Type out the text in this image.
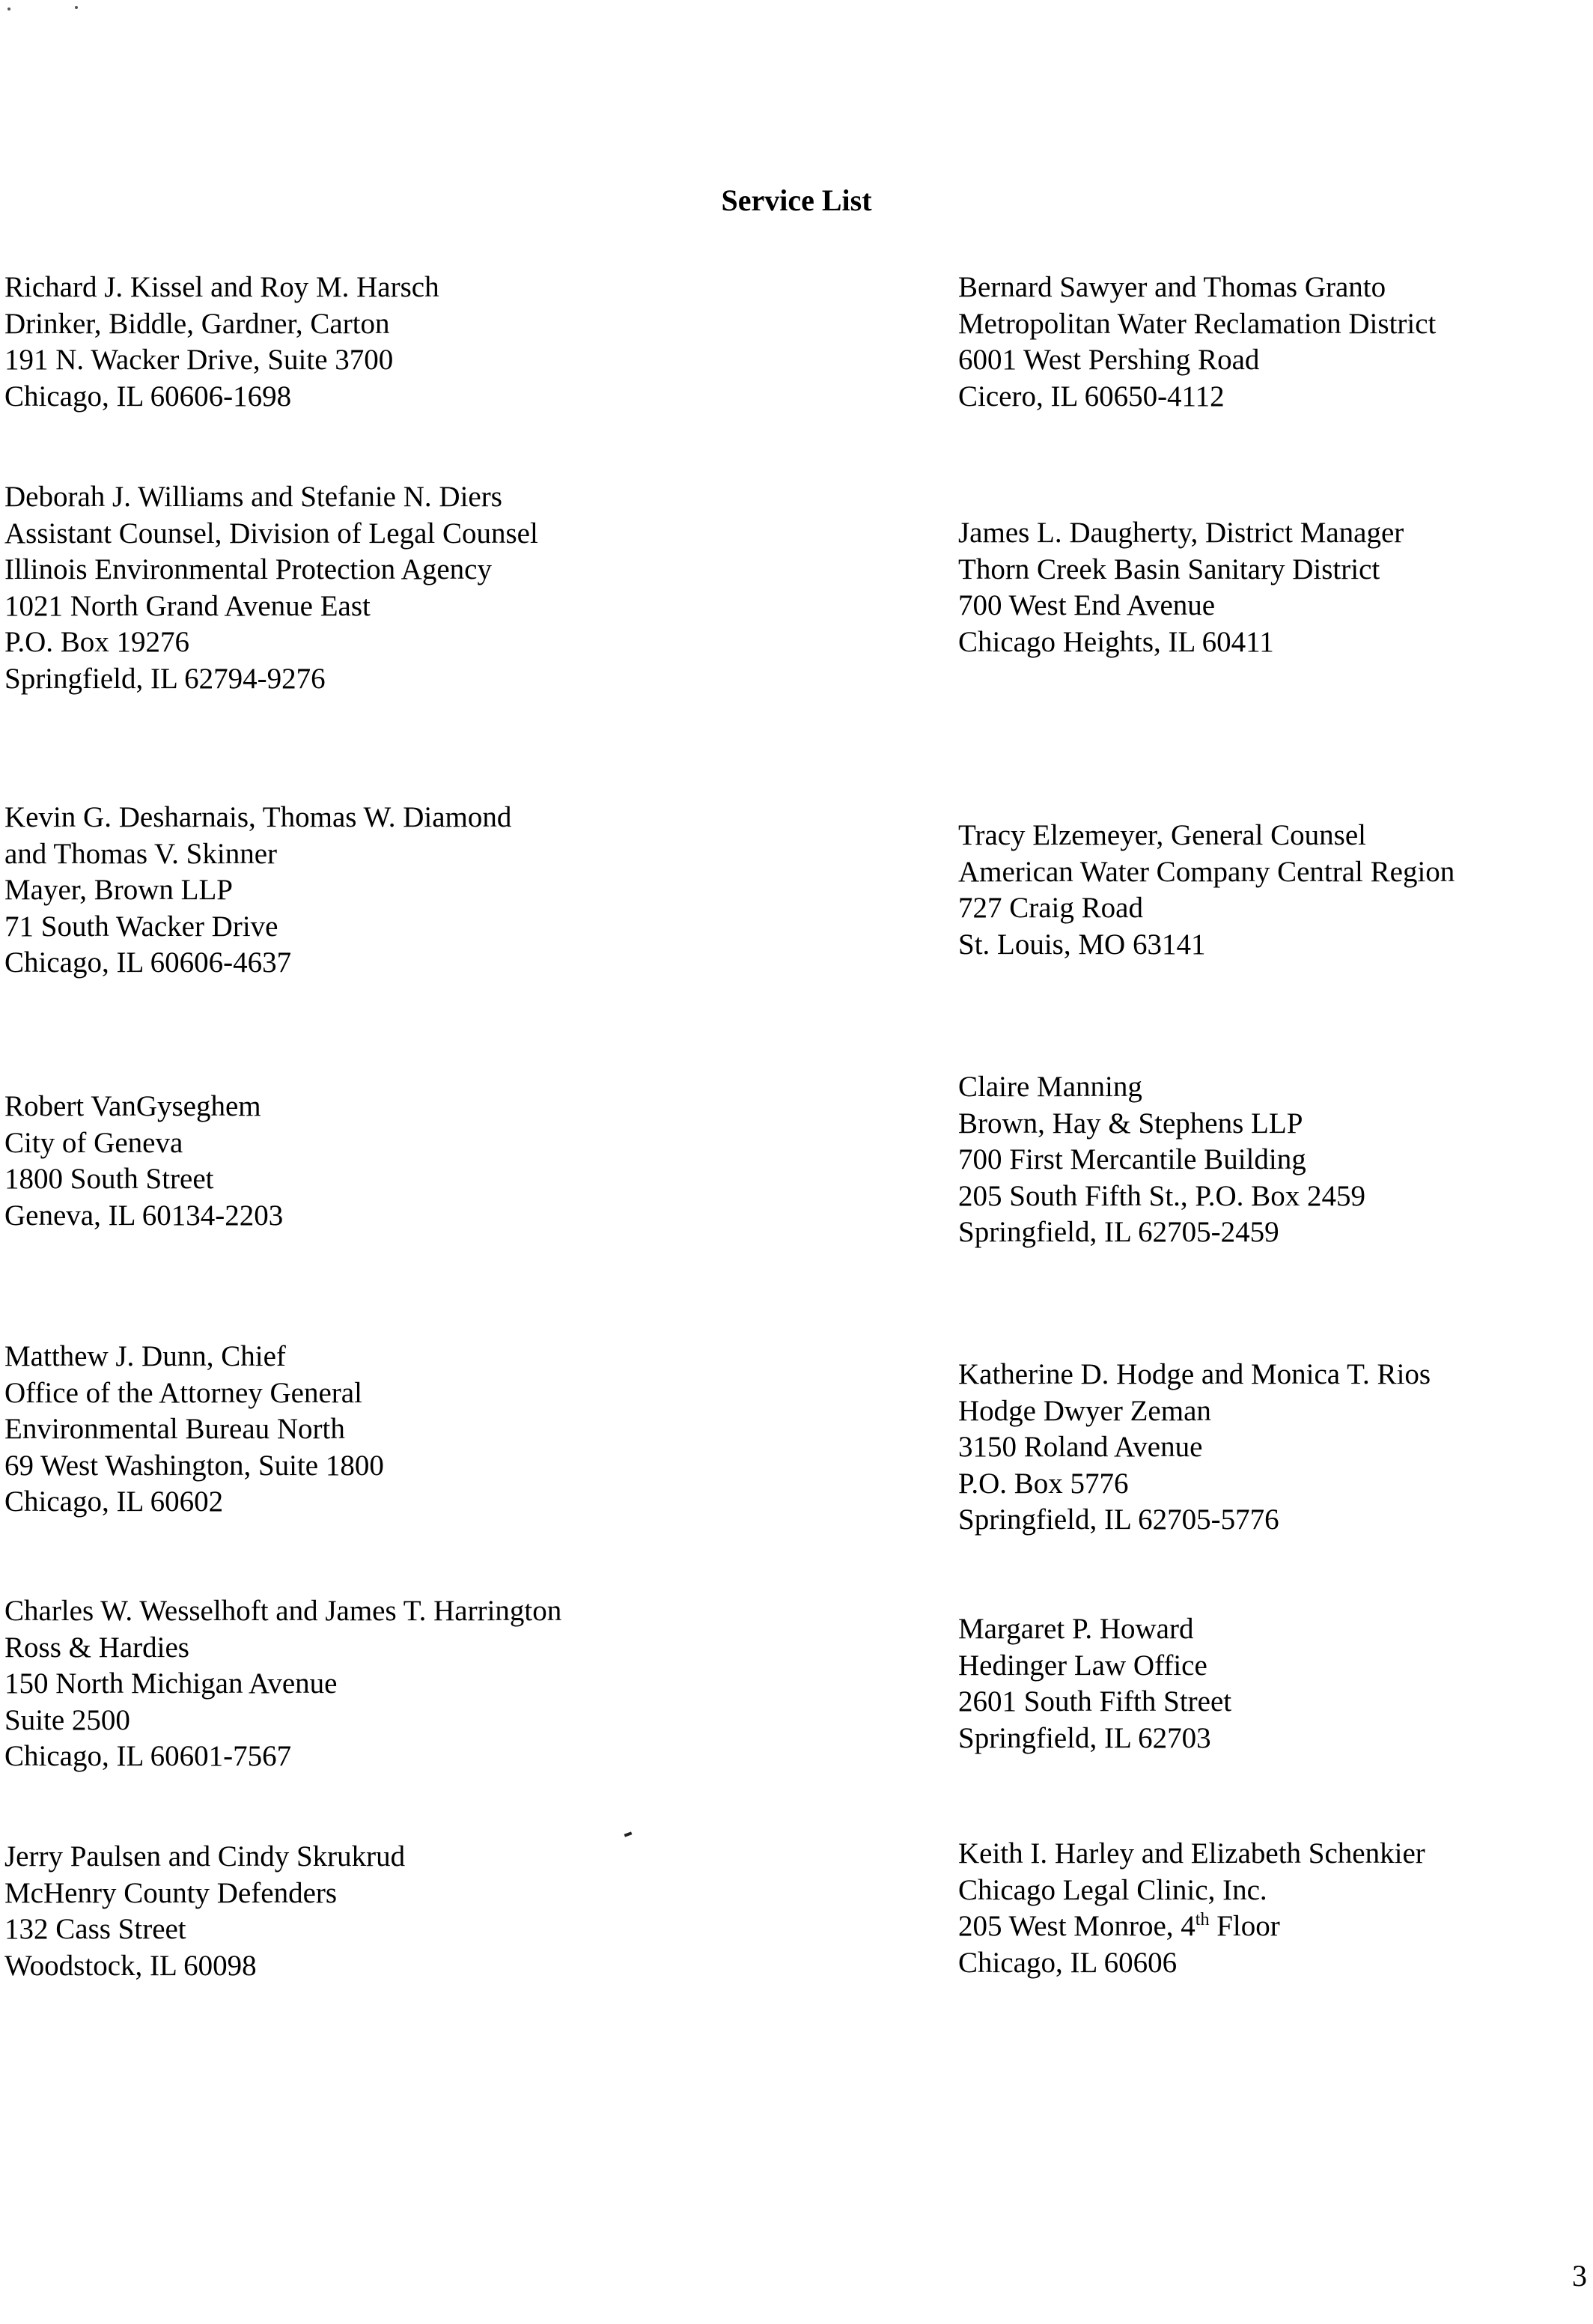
Service List
Richard J. Kissel and Roy M. Harsch
Drinker, Biddle, Gardner, Carton
191 N. Wacker Drive, Suite 3700
Chicago, IL 60606-1698
Bernard Sawyer and Thomas Granto
Metropolitan Water Reclamation District
6001 West Pershing Road
Cicero, IL 60650-4112
Deborah J. Williams and Stefanie N. Diers
Assistant Counsel, Division of Legal Counsel
Illinois Environmental Protection Agency
1021 North Grand Avenue East
P.O. Box 19276
Springfield, IL 62794-9276
James L. Daugherty, District Manager
Thorn Creek Basin Sanitary District
700 West End Avenue
Chicago Heights, IL 60411
Kevin G. Desharnais, Thomas W. Diamond
and Thomas V. Skinner
Mayer, Brown LLP
71 South Wacker Drive
Chicago, IL 60606-4637
Tracy Elzemeyer, General Counsel
American Water Company Central Region
727 Craig Road
St. Louis, MO 63141
Robert VanGyseghem
City of Geneva
1800 South Street
Geneva, IL 60134-2203
Claire Manning
Brown, Hay & Stephens LLP
700 First Mercantile Building
205 South Fifth St., P.O. Box 2459
Springfield, IL 62705-2459
Matthew J. Dunn, Chief
Office of the Attorney General
Environmental Bureau North
69 West Washington, Suite 1800
Chicago, IL 60602
Katherine D. Hodge and Monica T. Rios
Hodge Dwyer Zeman
3150 Roland Avenue
P.O. Box 5776
Springfield, IL 62705-5776
Charles W. Wesselhoft and James T. Harrington
Ross & Hardies
150 North Michigan Avenue
Suite 2500
Chicago, IL 60601-7567
Margaret P. Howard
Hedinger Law Office
2601 South Fifth Street
Springfield, IL 62703
Jerry Paulsen and Cindy Skrukrud
McHenry County Defenders
132 Cass Street
Woodstock, IL 60098
Keith I. Harley and Elizabeth Schenkier
Chicago Legal Clinic, Inc.
205 West Monroe, 4th Floor
Chicago, IL 60606
3
